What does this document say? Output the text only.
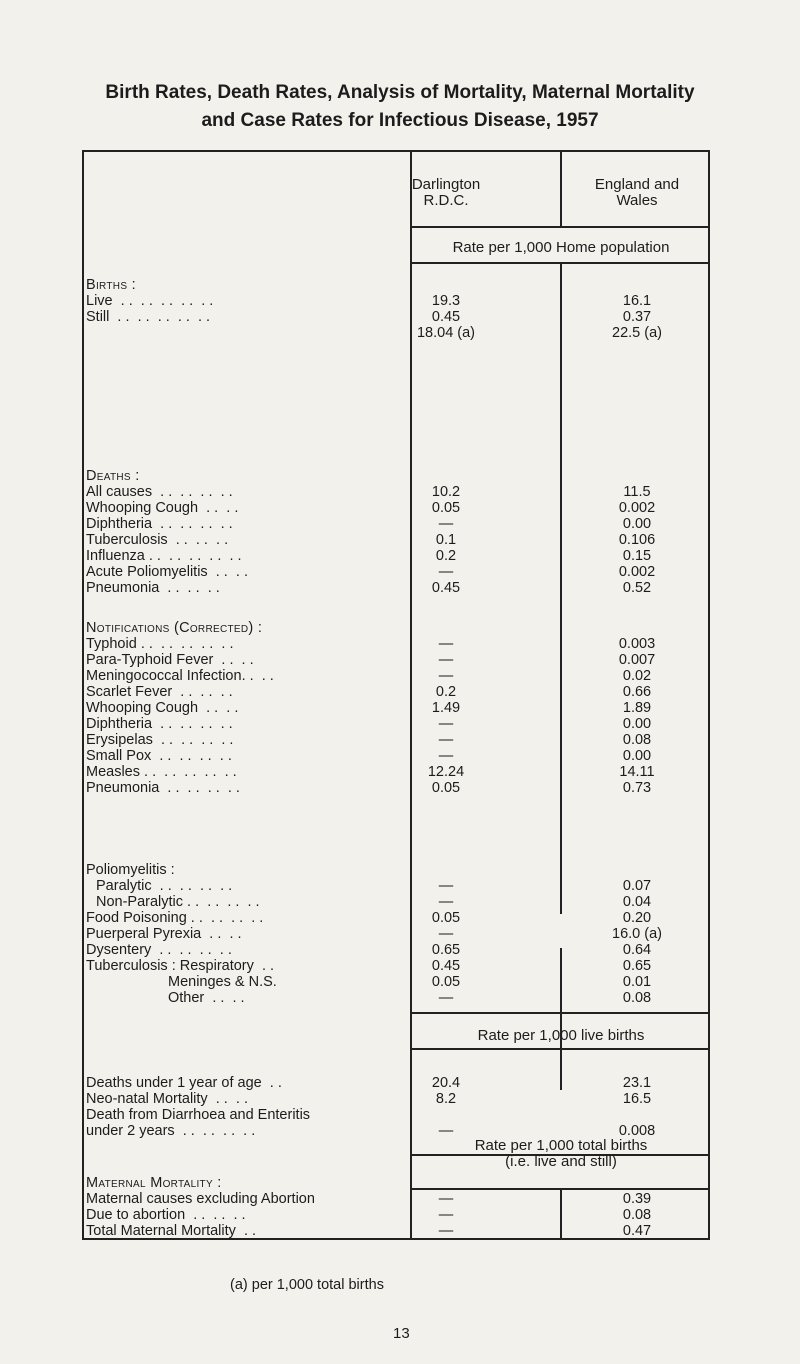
Birth Rates, Death Rates, Analysis of Mortality, Maternal Mortality
and Case Rates for Infectious Disease, 1957
Darlington
R.D.C.
England and
Wales
Rate per 1,000 Home population
Births :
Live  . .  . .  . .  . .  . .	19.3	16.1
Still  . .  . .  . .  . .  . .	0.45	0.37
18.04 (a)	22.5 (a)
All causes  . .  . .  . .  . .	10.2	11.5
Whooping Cough  . .  . .	0.05	0.002
Diphtheria  . .  . .  . .  . .	—	0.00
Tuberculosis  . .  . .  . .	0.1	0.106
Influenza . .  . .  . .  . .  . .	0.2	0.15
Acute Poliomyelitis  . .  . .	—	0.002
Pneumonia  . .  . .  . .	0.45	0.52
Typhoid . .  . .  . .  . .  . .	—	0.003
Para-Typhoid Fever  . .  . .	—	0.007
Meningococcal Infection. .  . .	—	0.02
Scarlet Fever  . .  . .  . .	0.2	0.66
Whooping Cough  . .  . .	1.49	1.89
Diphtheria  . .  . .  . .  . .	—	0.00
Erysipelas  . .  . .  . .  . .	—	0.08
Small Pox  . .  . .  . .  . .	—	0.00
Measles . .  . .  . .  . .  . .	12.24	14.11
Pneumonia  . .  . .  . .  . .	0.05	0.73
Paralytic  . .  . .  . .  . .	—	0.07
Non-Paralytic . .  . .  . .  . .	—	0.04
Food Poisoning . .  . .  . .  . .	0.05	0.20
Puerperal Pyrexia  . .  . .	—	16.0 (a)
Dysentery  . .  . .  . .  . .	0.65	0.64
Tuberculosis : Respiratory  . .	0.45	0.65
Meninges & N.S.	0.05	0.01
Other  . .  . .	—	0.08
Deaths under 1 year of age  . .	20.4	23.1
Neo-natal Mortality  . .  . .	8.2	16.5
Death from Diarrhoea and Enteritis
under 2 years  . .  . .  . .  . .	—	0.008
Maternal causes excluding Abortion	—	0.39
Due to abortion  . .  . .  . .	—	0.08
Total Maternal Mortality  . .	—	0.47
Rate per 1,000 live births
Rate per 1,000 total births
(i.e. live and still)
Deaths :
Notifications (Corrected) :
Poliomyelitis :
Maternal Mortality :
(a) per 1,000 total births
13
